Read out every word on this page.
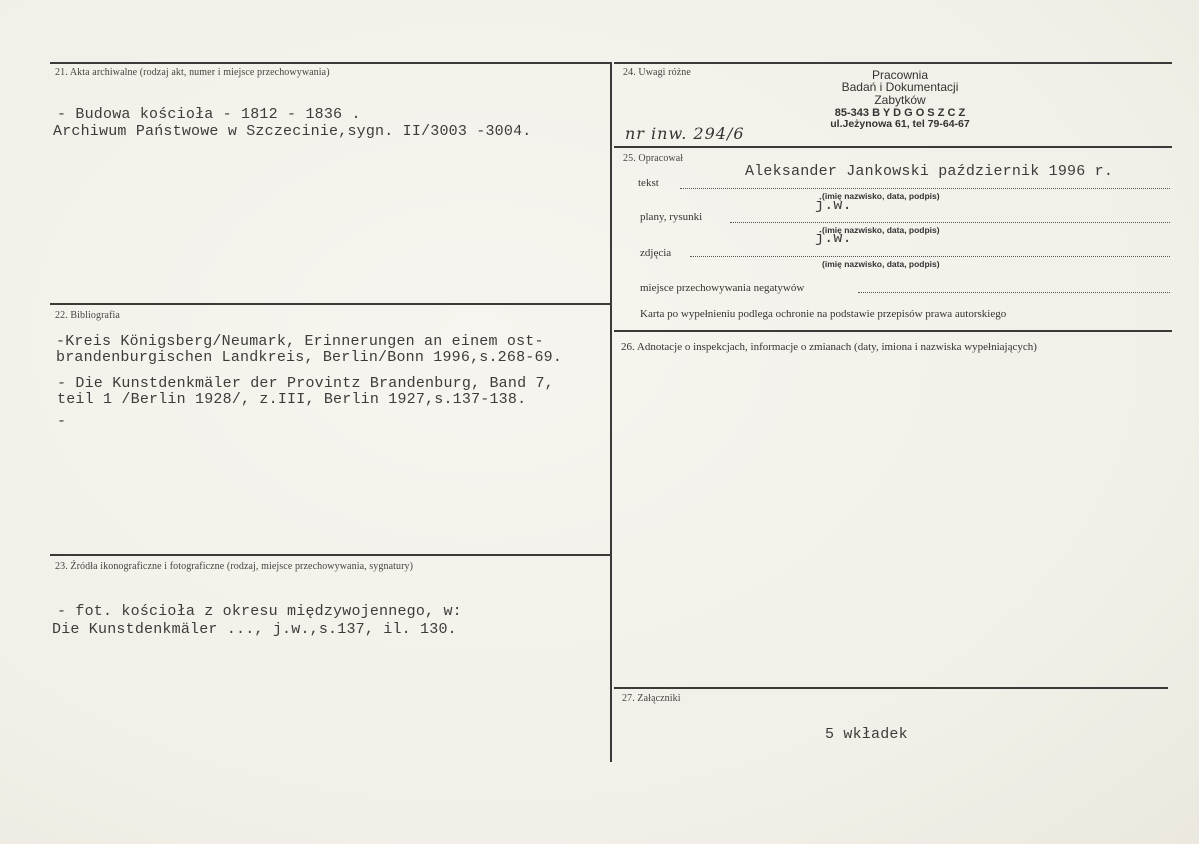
21. Akta archiwalne (rodzaj akt, numer i miejsce przechowywania)
- Budowa kościoła - 1812 - 1836 .
Archiwum Państwowe w Szczecinie,sygn. II/3003 -3004.
22. Bibliografia
-Kreis Königsberg/Neumark, Erinnerungen an einem ost-
brandenburgischen Landkreis, Berlin/Bonn 1996,s.268-69.
- Die Kunstdenkmäler der Provintz Brandenburg, Band 7,
teil 1 /Berlin 1928/, z.III, Berlin 1927,s.137-138.
-
23. Źródła ikonograficzne i fotograficzne (rodzaj, miejsce przechowywania, sygnatury)
- fot. kościoła z okresu międzywojennego, w:
Die Kunstdenkmäler ..., j.w.,s.137, il. 130.
24. Uwagi różne	Pracownia
Badań i Dokumentacji
Zabytków
85-343 B Y D G O S Z C Z
ul.Jeżynowa 61, tel 79-64-67
nr inw. 294/6
25. Opracował
tekst
Aleksander Jankowski październik 1996 r.
(imię nazwisko, data, podpis)
plany, rysunki
j.w.
(imię nazwisko, data, podpis)
zdjęcia
j.w.
(imię nazwisko, data, podpis)
miejsce przechowywania negatywów
Karta po wypełnieniu podlega ochronie na podstawie przepisów prawa autorskiego
26. Adnotacje o inspekcjach, informacje o zmianach (daty, imiona i nazwiska wypełniających)
27. Załączniki
5 wkładek
